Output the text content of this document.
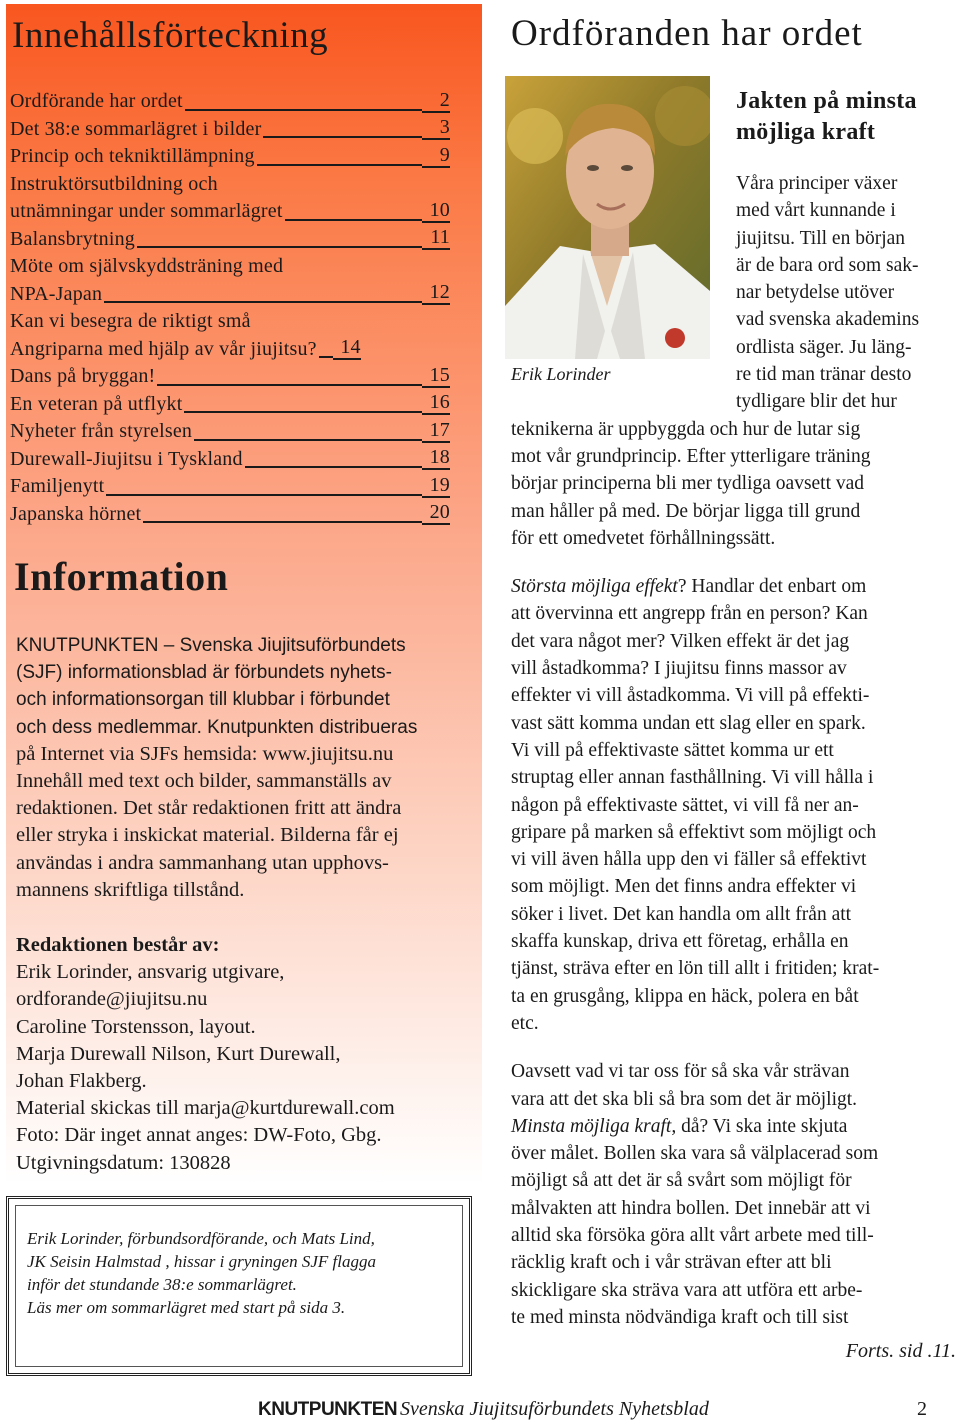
Innehållsförteckning
Ordförande har ordet	2
Det 38:e sommarlägret i bilder	3
Princip och tekniktillämpning	9
Instruktörsutbildning och
utnämningar under sommarlägret	10
Balansbrytning	11
Möte om självskyddsträning med
NPA-Japan	12
Kan vi besegra de riktigt små
Angriparna med hjälp av vår jiujitsu?	14
Dans på bryggan!	15
En veteran på utflykt	16
Nyheter från styrelsen	17
Durewall-Jiujitsu i Tyskland	18
Familjenytt	19
Japanska hörnet	20
Information
KNUTPUNKTEN – Svenska Jiujitsuförbundets
(SJF) informationsblad är förbundets nyhets-
och informationsorgan till klubbar i förbundet
och dess medlemmar. Knutpunkten distribueras
på Internet via SJFs hemsida: www.jiujitsu.nu
Innehåll med text och bilder, sammanställs av
redaktionen. Det står redaktionen fritt att ändra
eller stryka i inskickat material. Bilderna får ej
användas i andra sammanhang utan upphovs-
mannens skriftliga tillstånd.
Redaktionen består av:
Erik Lorinder, ansvarig utgivare,
ordforande@jiujitsu.nu
Caroline Torstensson, layout.
Marja Durewall Nilson, Kurt Durewall,
Johan Flakberg.
Material skickas till marja@kurtdurewall.com
Foto: Där inget annat anges: DW-Foto, Gbg.
Utgivningsdatum: 130828
Erik Lorinder, förbundsordförande, och Mats Lind,
JK Seisin Halmstad , hissar i gryningen SJF flagga
inför det stundande 38:e sommarlägret.
Läs mer om sommarlägret med start på sida 3.
Ordföranden har ordet
Erik Lorinder
Jakten på minsta
möjliga kraft
Våra principer växer
med vårt kunnande i
jiujitsu. Till en början
är de bara ord som sak-
nar betydelse utöver
vad svenska akademins
ordlista säger. Ju läng-
re tid man tränar desto
tydligare blir det hur
teknikerna är uppbyggda och hur de lutar sig
mot vår grundprincip. Efter ytterligare träning
börjar principerna bli mer tydliga oavsett vad
man håller på med. De börjar ligga till grund
för ett omedvetet förhållningssätt.
Största möjliga effekt? Handlar det enbart om
att övervinna ett angrepp från en person? Kan
det vara något mer? Vilken effekt är det jag
vill åstadkomma? I jiujitsu finns massor av
effekter vi vill åstadkomma. Vi vill på effekti-
vast sätt komma undan ett slag eller en spark.
Vi vill på effektivaste sättet komma ur ett
struptag eller annan fasthållning. Vi vill hålla i
någon på effektivaste sättet, vi vill få ner an-
gripare på marken så effektivt som möjligt och
vi vill även hålla upp den vi fäller så effektivt
som möjligt. Men det finns andra effekter vi
söker i livet. Det kan handla om allt från att
skaffa kunskap, driva ett företag, erhålla en
tjänst, sträva efter en lön till allt i fritiden; krat-
ta en grusgång, klippa en häck, polera en båt
etc.
Oavsett vad vi tar oss för så ska vår strävan
vara att det ska bli så bra som det är möjligt.
Minsta möjliga kraft, då? Vi ska inte skjuta
över målet. Bollen ska vara så välplacerad som
möjligt så att det är så svårt som möjligt för
målvakten att hindra bollen. Det innebär att vi
alltid ska försöka göra allt vårt arbete med till-
räcklig kraft och i vår strävan efter att bli
skickligare ska sträva vara att utföra ett arbe-
te med minsta nödvändiga kraft och till sist
Forts. sid .11.
KNUTPUNKTEN Svenska Jiujitsuförbundets Nyhetsblad	2
